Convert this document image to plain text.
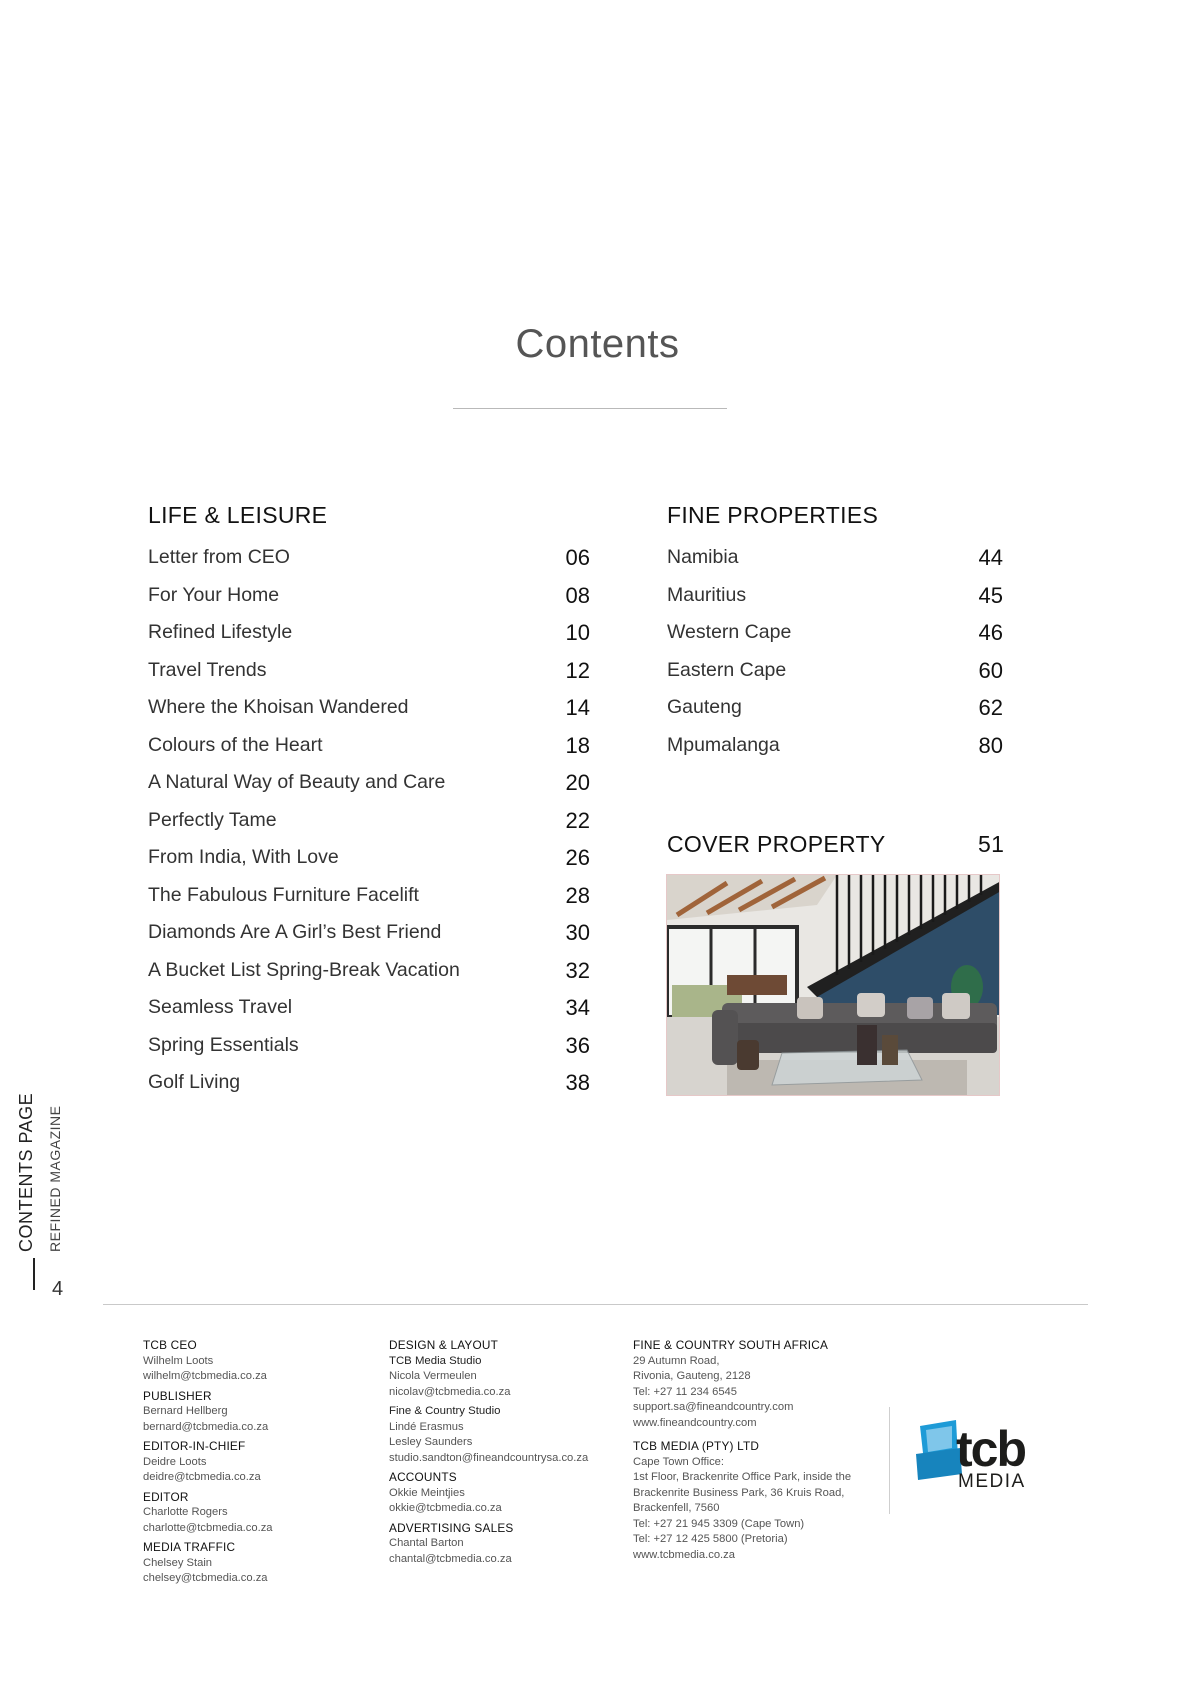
Contents
LIFE & LEISURE
Letter from CEO	06
For Your Home	08
Refined Lifestyle	10
Travel Trends	12
Where the Khoisan Wandered	14
Colours of the Heart	18
A Natural Way of Beauty and Care	20
Perfectly Tame	22
From India, With Love	26
The Fabulous Furniture Facelift	28
Diamonds Are A Girl’s Best Friend	30
A Bucket List Spring-Break Vacation	32
Seamless Travel	34
Spring Essentials	36
Golf Living	38
FINE PROPERTIES
Namibia	44
Mauritius	45
Western Cape	46
Eastern Cape	60
Gauteng	62
Mpumalanga	80
COVER PROPERTY	51
CONTENTS PAGE REFINED MAGAZINE
4
TCB CEO
Wilhelm Loots
wilhelm@tcbmedia.co.za
PUBLISHER
Bernard Hellberg
bernard@tcbmedia.co.za
EDITOR-IN-CHIEF
Deidre Loots
deidre@tcbmedia.co.za
EDITOR
Charlotte Rogers
charlotte@tcbmedia.co.za
MEDIA TRAFFIC
Chelsey Stain
chelsey@tcbmedia.co.za
DESIGN & LAYOUT
TCB Media Studio
Nicola Vermeulen
nicolav@tcbmedia.co.za
Fine & Country Studio
Lindé Erasmus
Lesley Saunders
studio.sandton@fineandcountrysa.co.za
ACCOUNTS
Okkie Meintjies
okkie@tcbmedia.co.za
ADVERTISING SALES
Chantal Barton
chantal@tcbmedia.co.za
FINE & COUNTRY SOUTH AFRICA
29 Autumn Road,
Rivonia, Gauteng, 2128
Tel: +27 11 234 6545
support.sa@fineandcountry.com
www.fineandcountry.com
TCB MEDIA (PTY) LTD
Cape Town Office:
1st Floor, Brackenrite Office Park, inside the
Brackenrite Business Park, 36 Kruis Road,
Brackenfell, 7560
Tel: +27 21 945 3309 (Cape Town)
Tel: +27 12 425 5800 (Pretoria)
www.tcbmedia.co.za
tcb
MEDIA
